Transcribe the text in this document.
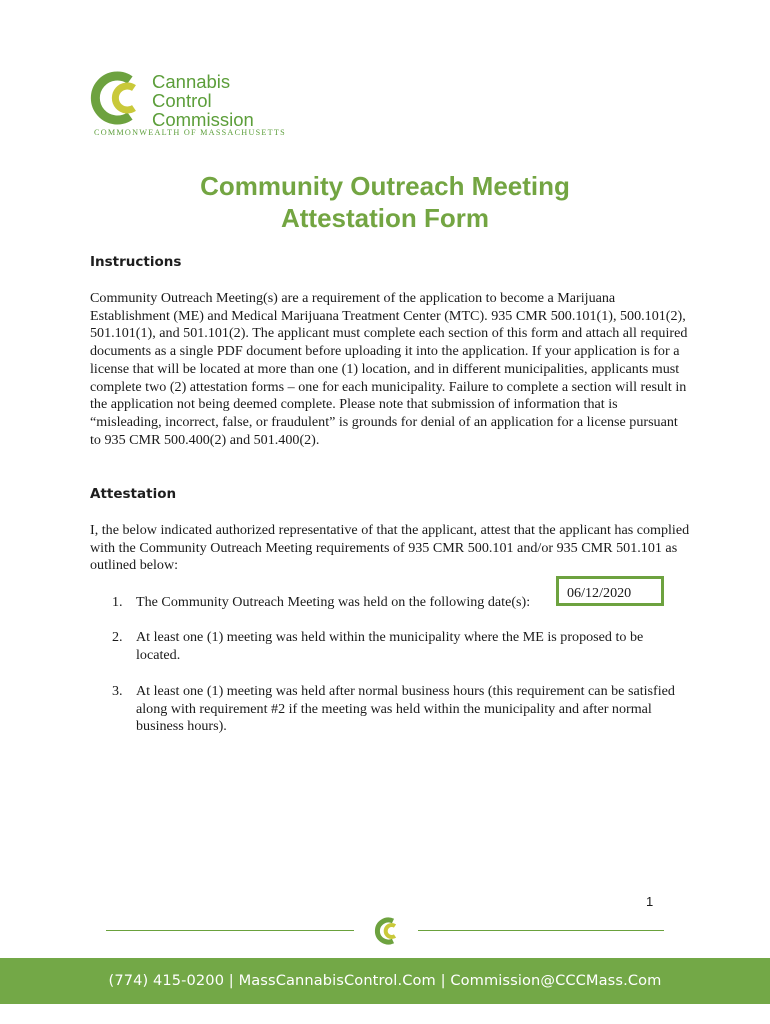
Cannabis
Control
Commission
COMMONWEALTH OF MASSACHUSETTS
Community Outreach Meeting
Attestation Form
Instructions

Community Outreach Meeting(s) are a requirement of the application to become a Marijuana Establishment (ME) and Medical Marijuana Treatment Center (MTC). 935 CMR 500.101(1), 500.101(2), 501.101(1), and 501.101(2). The applicant must complete each section of this form and attach all required documents as a single PDF document before uploading it into the application. If your application is for a license that will be located at more than one (1) location, and in different municipalities, applicants must complete two (2) attestation forms – one for each municipality. Failure to complete a section will result in the application not being deemed complete. Please note that submission of information that is “misleading, incorrect, false, or fraudulent” is grounds for denial of an application for a license pursuant to 935 CMR 500.400(2) and 501.400(2).

Attestation

I, the below indicated authorized representative of that the applicant, attest that the applicant has complied with the Community Outreach Meeting requirements of 935 CMR 500.101 and/or 935 CMR 501.101 as outlined below:

1. The Community Outreach Meeting was held on the following date(s):
06/12/2020
2. At least one (1) meeting was held within the municipality where the ME is proposed to be located.
3. At least one (1) meeting was held after normal business hours (this requirement can be satisfied along with requirement #2 if the meeting was held within the municipality and after normal business hours).
1
(774) 415-0200 | MassCannabisControl.Com | Commission@CCCMass.Com
